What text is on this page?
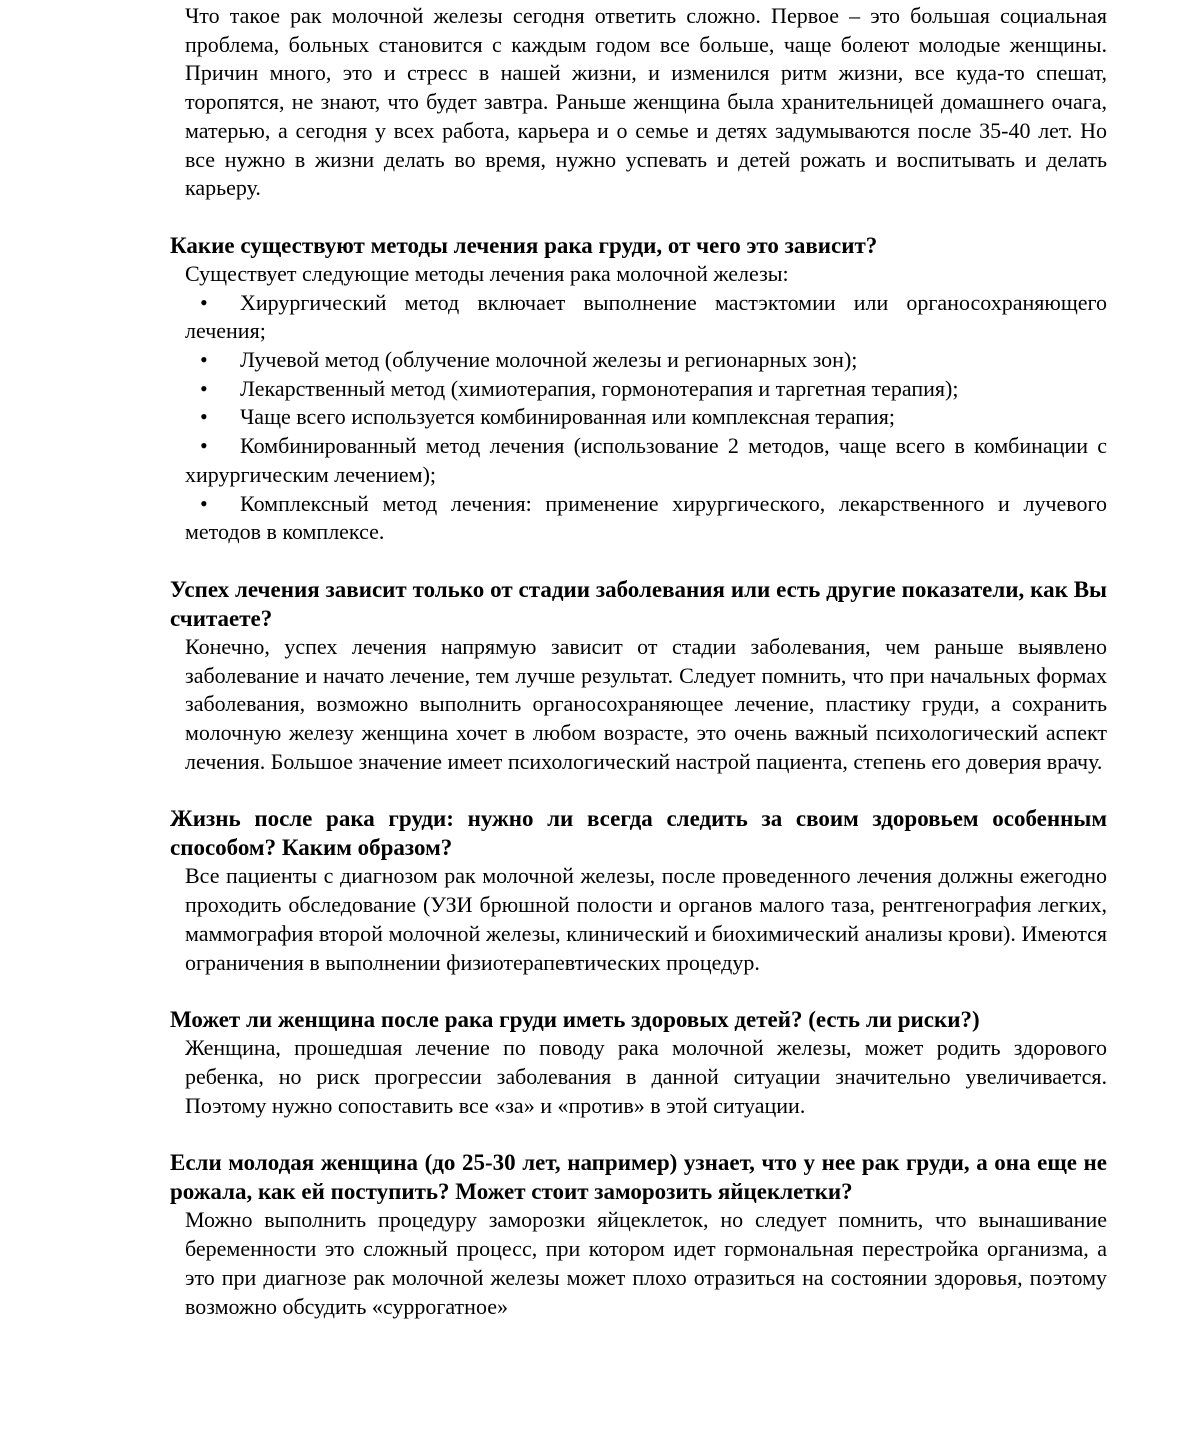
Что такое рак молочной железы сегодня ответить сложно. Первое – это большая социальная проблема, больных становится с каждым годом все больше, чаще болеют молодые женщины. Причин много, это и стресс в нашей жизни, и изменился ритм жизни, все куда-то спешат, торопятся, не знают, что будет завтра. Раньше женщина была хранительницей домашнего очага, матерью, а сегодня у всех работа, карьера и о семье и детях задумываются после 35-40 лет. Но все нужно в жизни делать во время, нужно успевать и детей рожать и воспитывать и делать карьеру.

Какие существуют методы лечения рака груди, от чего это зависит?

Существует следующие методы лечения рака молочной железы:

• Хирургический метод включает выполнение мастэктомии или органосохраняющего лечения;

• Лучевой метод (облучение молочной железы и регионарных зон);

• Лекарственный метод (химиотерапия, гормонотерапия и таргетная терапия);

• Чаще всего используется комбинированная или комплексная терапия;

• Комбинированный метод лечения (использование 2 методов, чаще всего в комбинации с хирургическим лечением);

• Комплексный метод лечения: применение хирургического, лекарственного и лучевого методов в комплексе.

Успех лечения зависит только от стадии заболевания или есть другие показатели, как Вы считаете?

Конечно, успех лечения напрямую зависит от стадии заболевания, чем раньше выявлено заболевание и начато лечение, тем лучше результат. Следует помнить, что при начальных формах заболевания, возможно выполнить органосохраняющее лечение, пластику груди, а сохранить молочную железу женщина хочет в любом возрасте, это очень важный психологический аспект лечения. Большое значение имеет психологический настрой пациента, степень его доверия врачу.

Жизнь после рака груди: нужно ли всегда следить за своим здоровьем особенным способом? Каким образом?

Все пациенты с диагнозом рак молочной железы, после проведенного лечения должны ежегодно проходить обследование (УЗИ брюшной полости и органов малого таза, рентгенография легких, маммография второй молочной железы, клинический и биохимический анализы крови). Имеются ограничения в выполнении физиотерапевтических процедур.

Может ли женщина после рака груди иметь здоровых детей? (есть ли риски?)

Женщина, прошедшая лечение по поводу рака молочной железы, может родить здорового ребенка, но риск прогрессии заболевания в данной ситуации значительно увеличивается. Поэтому нужно сопоставить все «за» и «против» в этой ситуации.

Если молодая женщина (до 25-30 лет, например) узнает, что у нее рак груди, а она еще не рожала, как ей поступить? Может стоит заморозить яйцеклетки?

Можно выполнить процедуру заморозки яйцеклеток, но следует помнить, что вынашивание беременности это сложный процесс, при котором идет гормональная перестройка организма, а это при диагнозе рак молочной железы может плохо отразиться на состоянии здоровья, поэтому возможно обсудить «суррогатное»
